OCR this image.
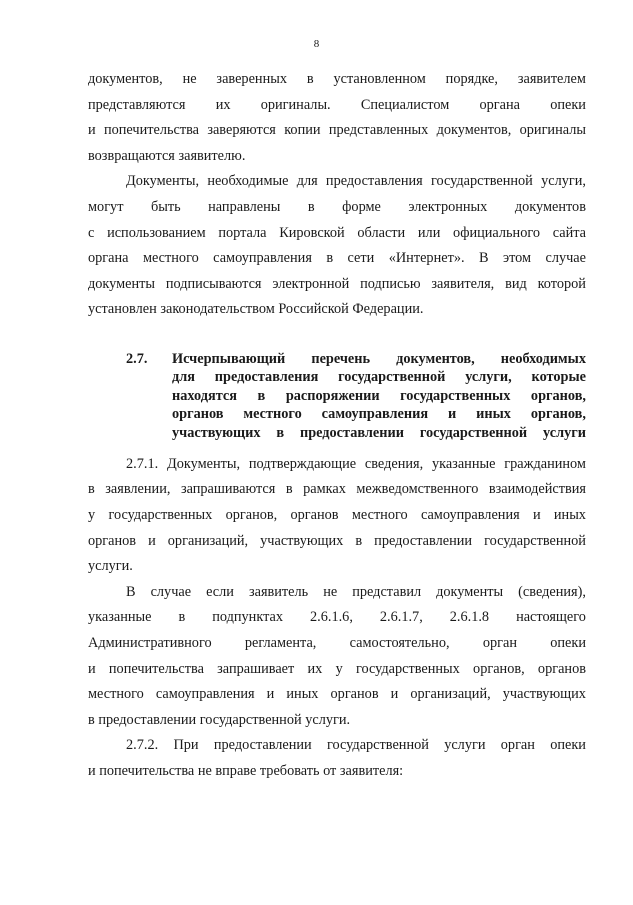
8
документов, не заверенных в установленном порядке, заявителем
представляются их оригиналы. Специалистом органа опеки
и попечительства заверяются копии представленных документов, оригиналы
возвращаются заявителю.
Документы, необходимые для предоставления государственной услуги,
могут быть направлены в форме электронных документов
с использованием портала Кировской области или официального сайта
органа местного самоуправления в сети «Интернет». В этом случае
документы подписываются электронной подписью заявителя, вид которой
установлен законодательством Российской Федерации.
2.7.	Исчерпывающий перечень документов, необходимых
для предоставления государственной услуги, которые
находятся в распоряжении государственных органов,
органов местного самоуправления и иных органов,
участвующих в предоставлении государственной услуги
2.7.1. Документы, подтверждающие сведения, указанные гражданином
в заявлении, запрашиваются в рамках межведомственного взаимодействия
у государственных органов, органов местного самоуправления и иных
органов и организаций, участвующих в предоставлении государственной
услуги.
В случае если заявитель не представил документы (сведения),
указанные в подпунктах 2.6.1.6, 2.6.1.7, 2.6.1.8 настоящего
Административного регламента, самостоятельно, орган опеки
и попечительства запрашивает их у государственных органов, органов
местного самоуправления и иных органов и организаций, участвующих
в предоставлении государственной услуги.
2.7.2. При предоставлении государственной услуги орган опеки
и попечительства не вправе требовать от заявителя:
